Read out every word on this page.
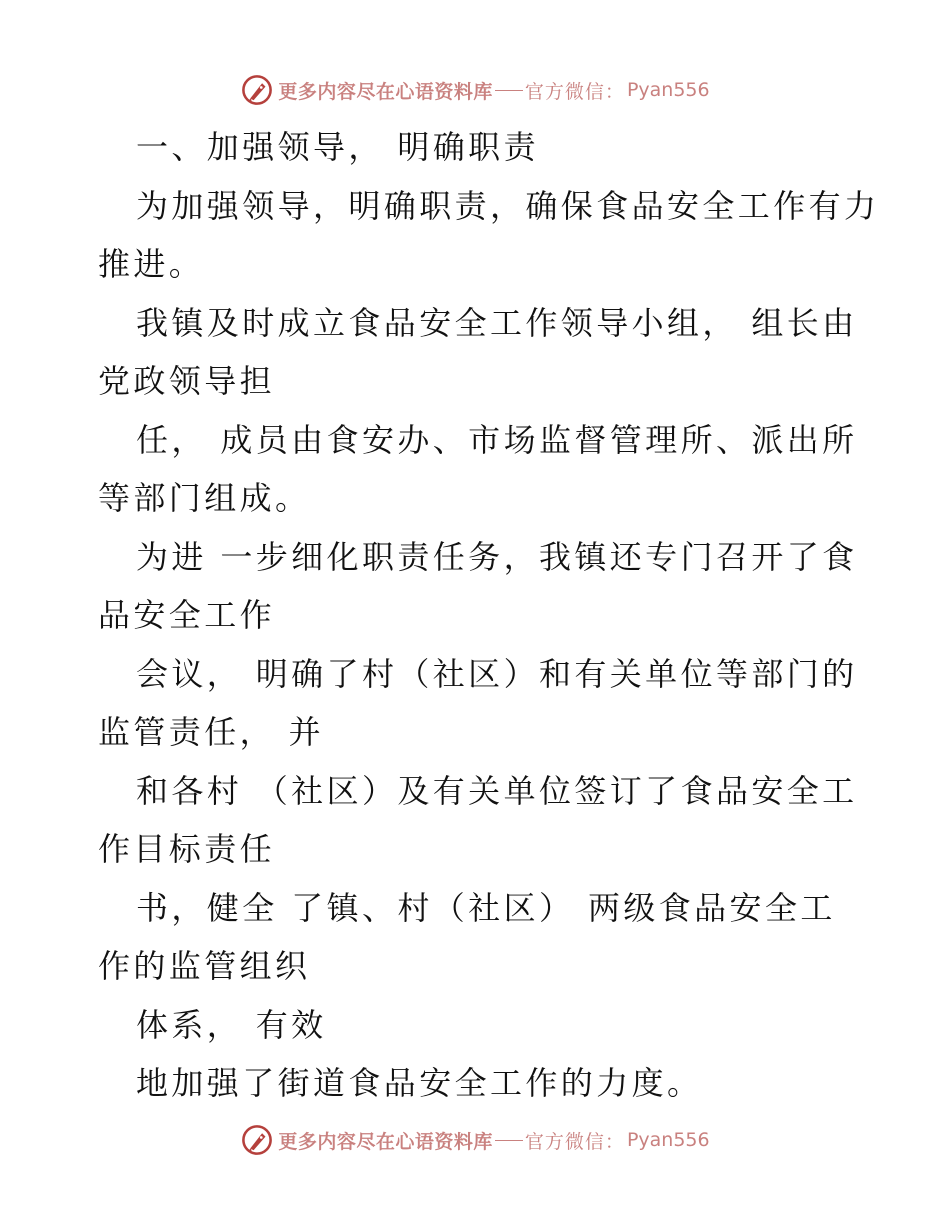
更多内容尽在心语资料库 官方微信： Pyan556
一、加强领导， 明确职责
为加强领导，明确职责，确保食品安全工作有力
推进。
我镇及时成立食品安全工作领导小组， 组长由
党政领导担
任， 成员由食安办、市场监督管理所、派出所
等部门组成。
为进 一步细化职责任务，我镇还专门召开了食
品安全工作
会议， 明确了村（社区）和有关单位等部门的
监管责任， 并
和各村 （社区）及有关单位签订了食品安全工
作目标责任
书，健全 了镇、村（社区） 两级食品安全工
作的监管组织
体系， 有效
地加强了街道食品安全工作的力度。
更多内容尽在心语资料库 官方微信： Pyan556
